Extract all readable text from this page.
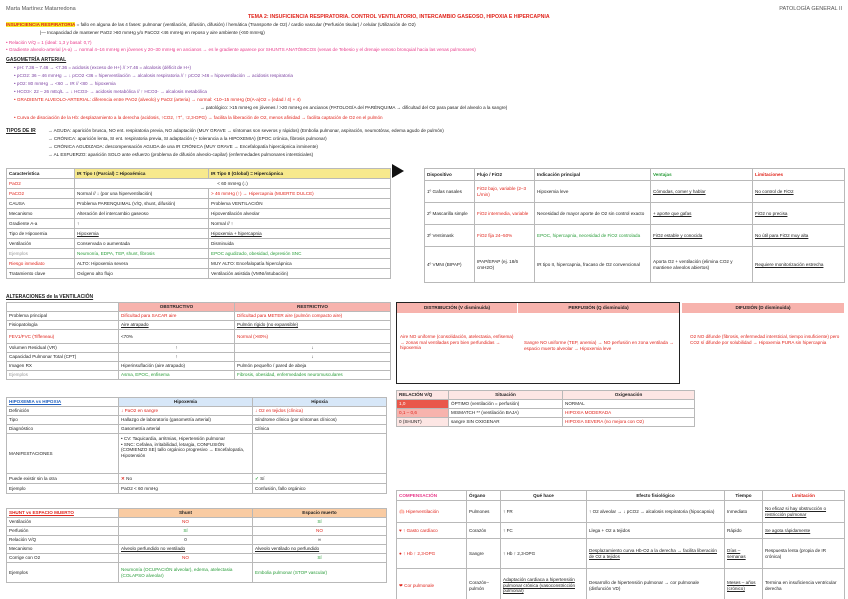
Marta Martínez Matarredona	PATOLOGÍA GENERAL II
TEMA 2: INSUFICIENCIA RESPIRATORIA. CONTROL VENTILATORIO, INTERCAMBIO GASEOSO, HIPOXIA E HIPERCAPNIA
INSUFICIENCIA RESPIRATORIA = fallo en alguna de las 4 fases: pulmonar (ventilación, difusión, difusión) / hemática (Transporte de O2) / cardio vascular (Perfusión tisular) / celular (Utilización de O2)
|— Incapacidad de mantener PaO2 >60 mmHg y/o PaCO2 <46 mmHg en reposo y aire ambiente (<60 mmHg)
• Relación V/Q = 1 (ideal: 1,3 y basal: 0,7)
• Gradiente alveolo-arterial (A-a) → normal 4–16 mmHg en jóvenes y 20–30 mmHg en ancianos → es le gradiente aparece por SHUNTS ANATÓMICOS (venas de Tebesio y el drenaje venoso bronquial hacia las venas pulmonares)
GASOMETRÍA ARTERIAL
• pH: 7.36 – 7.46 → <7.36 = acidosis (exceso de H+) // >7.46 = alcalosis (déficit de H+)
• pCO2: 36 – 46 mmHg → ↓ pCO2 <36 = hiperventilación → alcalosis respiratoria // ↑ pCO2 >46 = hipoventilación → acidosis respiratoria
• pO2: 80 mmHg → <60 → IR // <80 → hipoxemia
• HCO3-: 22 – 26 mEq/L → ↓ HCO3- → acidosis metabólica // ↑ HCO3- → alcalosis metabólica
• GRADIENTE ALVEOLO-ARTERIAL: diferencia entre PAO2 (alveolo) y PaO2 (arteria) → normal: <10–15 mmHg (D(A-a)O2 = (edad / 4) + 4)
→ patológico: >15 mmHg en jóvenes / >20 mmHg en ancianos (PATOLOGÍA del PARÉNQUIMA → dificultad del O2 para pasar del alveolo a la sangre)
• Curva de disociación de la Hb: desplazamiento a la derecha (acidosis, ↑CO2, ↑T°, ↑2,3-DPG) → facilita la liberación de O2, menos afinidad → facilita captación de O2 en el pulmón
TIPOS DE IR	→ AGUDA: aparición brusca, NO ent. respiratoria previa, NO adaptación (MUY GRAVE → síntomas son severos y rápidos) (Embolia pulmonar, aspiración, neumotórax, edema agudo de pulmón)
→ CRÓNICA: aparición lenta, SI ent. respiratoria previa, SI adaptación (+ tolerancia a la HIPOXEMIA) (EPOC crónica, fibrosis pulmonar)
→ CRÓNICA AGUDIZADA: descompensación AGUDA de una IR CRÓNICA (MUY GRAVE → Encefalopatía hipercápnica inminente)
→ AL ESFUERZO: aparición SOLO ante esfuerzo (problema de difusión alveolo-capilar) (enfermedades pulmonares intersticiales)
Característica	IR Tipo I (Parcial) = Hipoxémica	IR Tipo II (Global) = Hipercápnica
PaO2	< 60 mmHg (↓)	
PaCO2	Normal // ↓ (por una hiperventilación)	> 46 mmHg (↑) → Hipercapnia (MUERTE DULCE)
CAUSA	Problema PARENQUIMAL (V/Q, shunt, difusión)	Problema VENTILACIÓN
Mecanismo	Alteración del intercambio gaseoso	Hipoventilación alveolar
Gradiente A-a	↑	Normal // ↑
Tipo de Hipoxemia	Hipoxemia	Hipoxemia + hipercapnia
Ventilación	Conservada o aumentada	Disminuida
Ejemplos	Neumonía, EDPA, TEP, shunt, fibrosis	EPOC agudizado, obesidad, depresión SNC
Riesgo inmediato	ALTO: Hipoxemia severa	MUY ALTO: Encefalopatía hipercápnica
Tratamiento clave	Oxígeno alto flujo	Ventilación asistida (VMNI/intubación)
Dispositivo	Flujo / FiO2	Indicación principal	Ventajas	Limitaciones
1º Gafas nasales	FiO2 bajo, variable (2–3 L/min)	Hipoxemia leve	Cómodas, comer y hablar	No control de FiO2
2º Mascarilla simple	FiO2 intermedia, variable	Necesidad de mayor aporte de O2 sin control exacto	+ aporte que gafas	FiO2 no precisa
3º Ventimask	FiO2 fija 24–50%	EPOC, hipercapnia, necesidad de FiO2 controlada	FiO2 estable y conocida	No útil para FiO2 muy alta
4º VMNI (BIPAP)	IPAP/EPAP (ej. 18/6 cmH2O)	IR tipo II, hipercapnia, fracaso de O2 convencional	Aporta O2 + ventilación (elimina CO2 y mantiene alveolos abiertos)	Requiere monitorización estrecha
ALTERACIONES de la VENTILACIÓN
	OBSTRUCTIVO	RESTRICTIVO
Problema principal	Dificultad para SACAR aire	Dificultad para METER aire (pulmón compacto aire)
Fisiopatología	Aire atrapado	Pulmón rígido (no expansible)
FEV1/FVC (Tiffeneau)	<70%	Normal (>80%)
Volumen Residual (VR)	↑	↓
Capacidad Pulmonar Total (CPT)	↑	↓
Imagen RX	Hiperinsuflación (aire atrapado)	Pulmón pequeño / pared de abeja
Ejemplos	Asma, EPOC, enfisema	Fibrosis, obesidad, enfermedades neuromusculares
DISTRIBUCIÓN (V disminuida)	PERFUSIÓN (Q disminuida)
Aire NO uniforme (consolidación, atelectasia, enfisema) → zonas mal ventiladas pero bien perfundidas → hipoxemia
Sangre NO uniforme (TEP, anemia) → NO perfusión en zona ventilada → espacio muerto alveolar → Hipoxemia leve
DIFUSIÓN (D disminuida)
O2 NO difunde (fibrosis, enfermedad intersticial, tiempo insuficiente) pero CO2 sí difunde por solubilidad → Hipoxemia PURA sin hipercapnia
RELACIÓN V/Q	Situación	Oxigenación
1,0	ÓPTIMO (ventilación = perfusión)	NORMAL
0,1 – 0,6	MISMATCH ** (ventilación BAJA)	HIPOXIA MODERADA
0 (SHUNT)	sangre SIN OXIGENAR	HIPOXIA SEVERA (no mejora con O2)
HIPOXEMIA vs HIPOXIA	Hipoxemia	Hipoxia
Definición	↓ PaO2 en sangre	↓ O2 en tejidos (clínica)
Tipo	Hallazgo de laboratorio (gasometría arterial)	Síndrome clínico (por síntomas clínicos)
Diagnóstico	Gasometría arterial	Clínica
MANIFESTACIONES	• CV: Taquicardia, arritmias, Hipertensión pulmonar
• SNC: Cefalea, irritabilidad, letargia, CONFUSIÓN (COMIENZO SE) tallo orgánico progresivo → Encefalopatía, Hipotensión	

Puede existir sin la otra	✕ No	✓ Sí
Ejemplo	PaO2 < 60 mmHg	Confusión, fallo orgánico
SHUNT vs ESPACIO MUERTO	Shunt	Espacio muerto
Ventilación	NO	SÍ
Perfusión	SÍ	NO
Relación V/Q	0	∞
Mecanismo	Alveolo perfundido no ventilado	Alveolo ventilado no perfundido
Corrige con O2	NO	SÍ
Ejemplos	Neumonía (OCUPACIÓN alveolar), edema, atelectasia (COLAPSO alveolar)	Embolia pulmonar (STOP vascular)
COMPENSACIÓN	Órgano	Qué hace	Efecto fisiológico	Tiempo	Limitación
🫁 Hiperventilación	Pulmones	↑ FR	↑ O2 alveolar → ↓ pCO2 → alcalosis respiratoria (hipocapnia)	Inmediato	No eficaz si hay obstrucción o restricción pulmonar
♥ ↑ Gasto cardíaco	Corazón	↑ FC	Llega + O2 a tejidos	Rápido	Se agota rápidamente
● ↑ Hb ↑ 2,3-DPG	Sangre	↑ Hb ↑ 2,3-DPG	Desplazamiento curva Hb-O2 a la derecha → facilita liberación de O2 a tejidos	Días – semanas	Respuesta lenta (propia de IR crónica)
❤ Cor pulmonale	Corazón–pulmón	Adaptación cardiaca a hipertensión pulmonar crónica (vasoconstricción pulmonar)	Desarrollo de hipertensión pulmonar → cor pulmonale (disfunción VD)	Meses – años (crónico)	Termina en insuficiencia ventricular derecha
